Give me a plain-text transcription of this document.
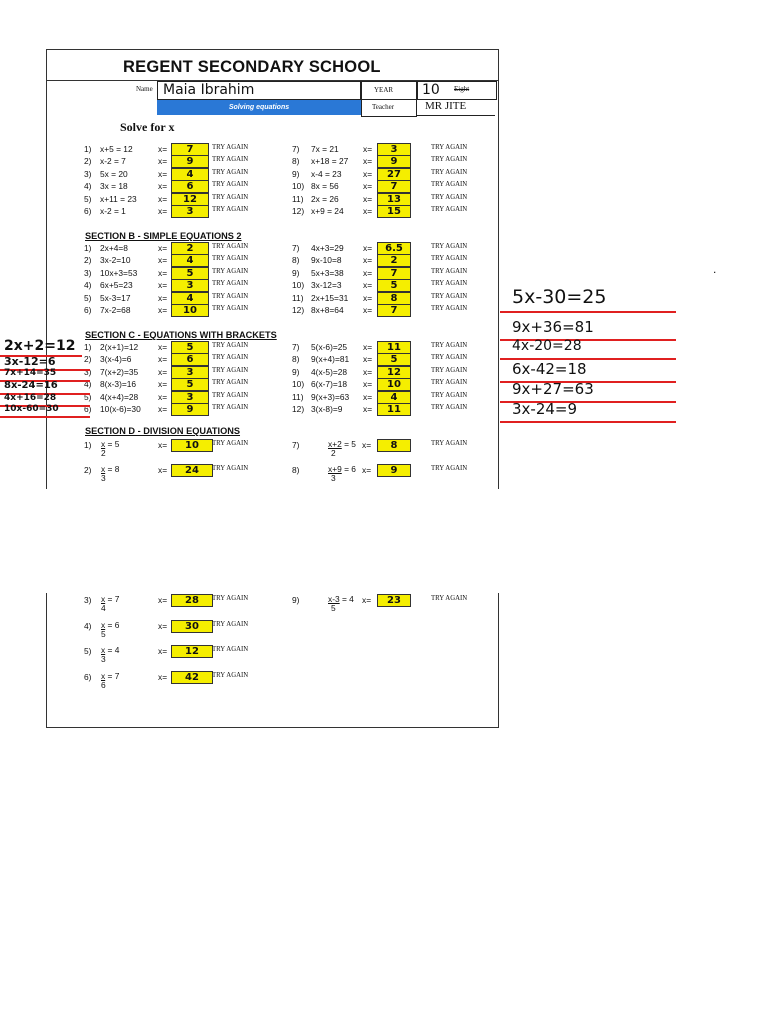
REGENT SECONDARY SCHOOL
Name Maia Ibrahim	YEAR 10 Eight
Solving equations	Teacher	MR JITE
Solve for x
1) x+5 = 12	x=	7	TRY AGAIN
2) x-2 = 7	x=	9	TRY AGAIN
3) 5x = 20	x=	4	TRY AGAIN
4) 3x = 18	x=	6	TRY AGAIN
5) x+11 = 23	x=	12	TRY AGAIN
6) x-2 = 1	x=	3	TRY AGAIN
7) 7x = 21	x=	3	TRY AGAIN
8) x+18 = 27 x=	9	TRY AGAIN
9) x-4 = 23	x=	27	TRY AGAIN
10) 8x = 56	x=	7	TRY AGAIN
11) 2x = 26	x=	13	TRY AGAIN
12) x+9 = 24 x=	15	TRY AGAIN
SECTION B - SIMPLE EQUATIONS 2
1) 2x+4=8	x=	2	TRY AGAIN
2) 3x-2=10	x=	4	TRY AGAIN
3) 10x+3=53 x=	5	TRY AGAIN
4) 6x+5=23	x=	3	TRY AGAIN
5) 5x-3=17	x=	4	TRY AGAIN
6) 7x-2=68	x=	10	TRY AGAIN
7) 4x+3=29 x=	6.5	TRY AGAIN
8) 9x-10=8	x=	2	TRY AGAIN
9) 5x+3=38 x=	7	TRY AGAIN
10) 3x-12=3	x=	5	TRY AGAIN
11) 2x+15=31 x=	8	TRY AGAIN
12) 8x+8=64 x=	7	TRY AGAIN
SECTION C - EQUATIONS WITH BRACKETS
1) 2(x+1)=12 x=	5	TRY AGAIN
2) 3(x-4)=6	x=	6	TRY AGAIN
3) 7(x+2)=35 x=	3	TRY AGAIN
4) 8(x-3)=16	x=	5	TRY AGAIN
5) 4(x+4)=28 x=	3	TRY AGAIN
6) 10(x-6)=30 x=	9	TRY AGAIN
7) 5(x-6)=25 x=	11	TRY AGAIN
8) 9(x+4)=81 x=	5	TRY AGAIN
9) 4(x-5)=28 x=	12	TRY AGAIN
10) 6(x-7)=18 x=	10	TRY AGAIN
11) 9(x+3)=63 x=	4	TRY AGAIN
12) 3(x-8)=9 x=	11	TRY AGAIN
SECTION D - DIVISION EQUATIONS
1) x = 5
2
x=	10	TRY AGAIN
2) x = 8
3
x=	24	TRY AGAIN
7)	x+2 = 5
2
x=	8	TRY AGAIN
8)	x+9 = 6
3
x=	9	TRY AGAIN
3) x = 7
4
x=	28	TRY AGAIN
4) x = 6
5
x=	30	TRY AGAIN
5) x = 4
3
x=	12	TRY AGAIN
6) x = 7
6
x=	42	TRY AGAIN
9)	x-3 = 4
5
x=	23	TRY AGAIN
2x+2=12
3x-12=6
7x+14=35
8x-24=16
4x+16=28
10x-60=30
5x-30=25
9x+36=81
4x-20=28
6x-42=18
9x+27=63
3x-24=9
.
